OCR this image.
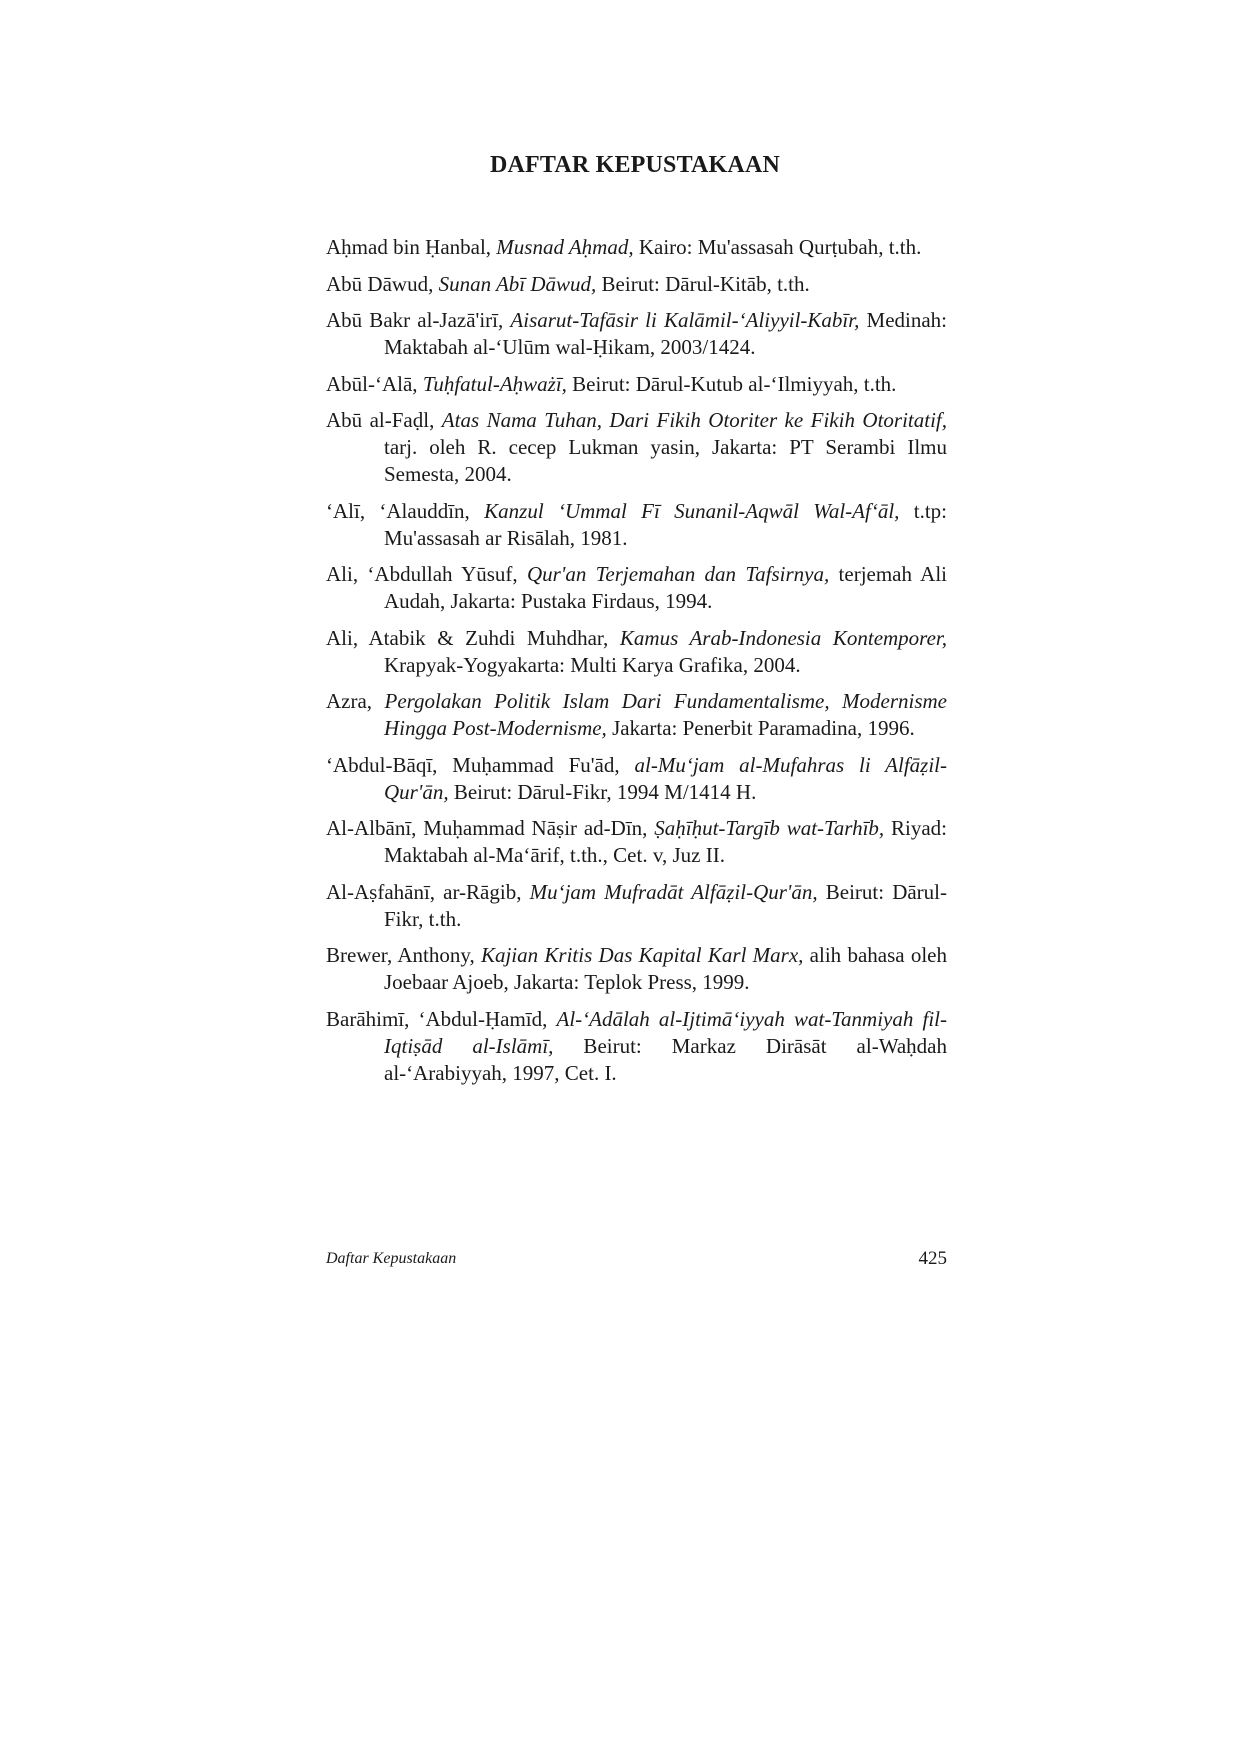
DAFTAR KEPUSTAKAAN

Aḥmad bin Ḥanbal, Musnad Aḥmad, Kairo: Mu'assasah Qurṭubah, t.th.

Abū Dāwud, Sunan Abī Dāwud, Beirut: Dārul-Kitāb, t.th.

Abū Bakr al-Jazā'irī, Aisarut-Tafāsir li Kalāmil-‘Aliyyil-Kabīr, Medinah: Maktabah al-‘Ulūm wal-Ḥikam, 2003/1424.

Abūl-‘Alā, Tuḥfatul-Aḥważī, Beirut: Dārul-Kutub al-‘Ilmiyyah, t.th.

Abū al-Faḍl, Atas Nama Tuhan, Dari Fikih Otoriter ke Fikih Otoritatif, tarj. oleh R. cecep Lukman yasin, Jakarta: PT Serambi Ilmu Semesta, 2004.

‘Alī, ‘Alauddīn, Kanzul ‘Ummal Fī Sunanil-Aqwāl Wal-Af‘āl, t.tp: Mu'assasah ar Risālah, 1981.

Ali, ‘Abdullah Yūsuf, Qur'an Terjemahan dan Tafsirnya, terjemah Ali Audah, Jakarta: Pustaka Firdaus, 1994.

Ali, Atabik & Zuhdi Muhdhar, Kamus Arab-Indonesia Kontemporer, Krapyak-Yogyakarta: Multi Karya Grafika, 2004.

Azra, Pergolakan Politik Islam Dari Fundamentalisme, Modernisme Hingga Post-Modernisme, Jakarta: Penerbit Paramadina, 1996.

‘Abdul-Bāqī, Muḥammad Fu'ād, al-Mu‘jam al-Mufahras li Alfāẓil-Qur'ān, Beirut: Dārul-Fikr, 1994 M/1414 H.

Al-Albānī, Muḥammad Nāṣir ad-Dīn, Ṣaḥīḥut-Targīb wat-Tarhīb, Riyad: Maktabah al-Ma‘ārif, t.th., Cet. v, Juz II.

Al-Aṣfahānī, ar-Rāgib, Mu‘jam Mufradāt Alfāẓil-Qur'ān, Beirut: Dārul-Fikr, t.th.

Brewer, Anthony, Kajian Kritis Das Kapital Karl Marx, alih bahasa oleh Joebaar Ajoeb, Jakarta: Teplok Press, 1999.

Barāhimī, ‘Abdul-Ḥamīd, Al-‘Adālah al-Ijtimā‘iyyah wat-Tanmiyah fil-Iqtiṣād al-Islāmī, Beirut: Markaz Dirāsāt al-Waḥdah al-‘Arabiyyah, 1997, Cet. I.

Daftar Kepustakaan	425
